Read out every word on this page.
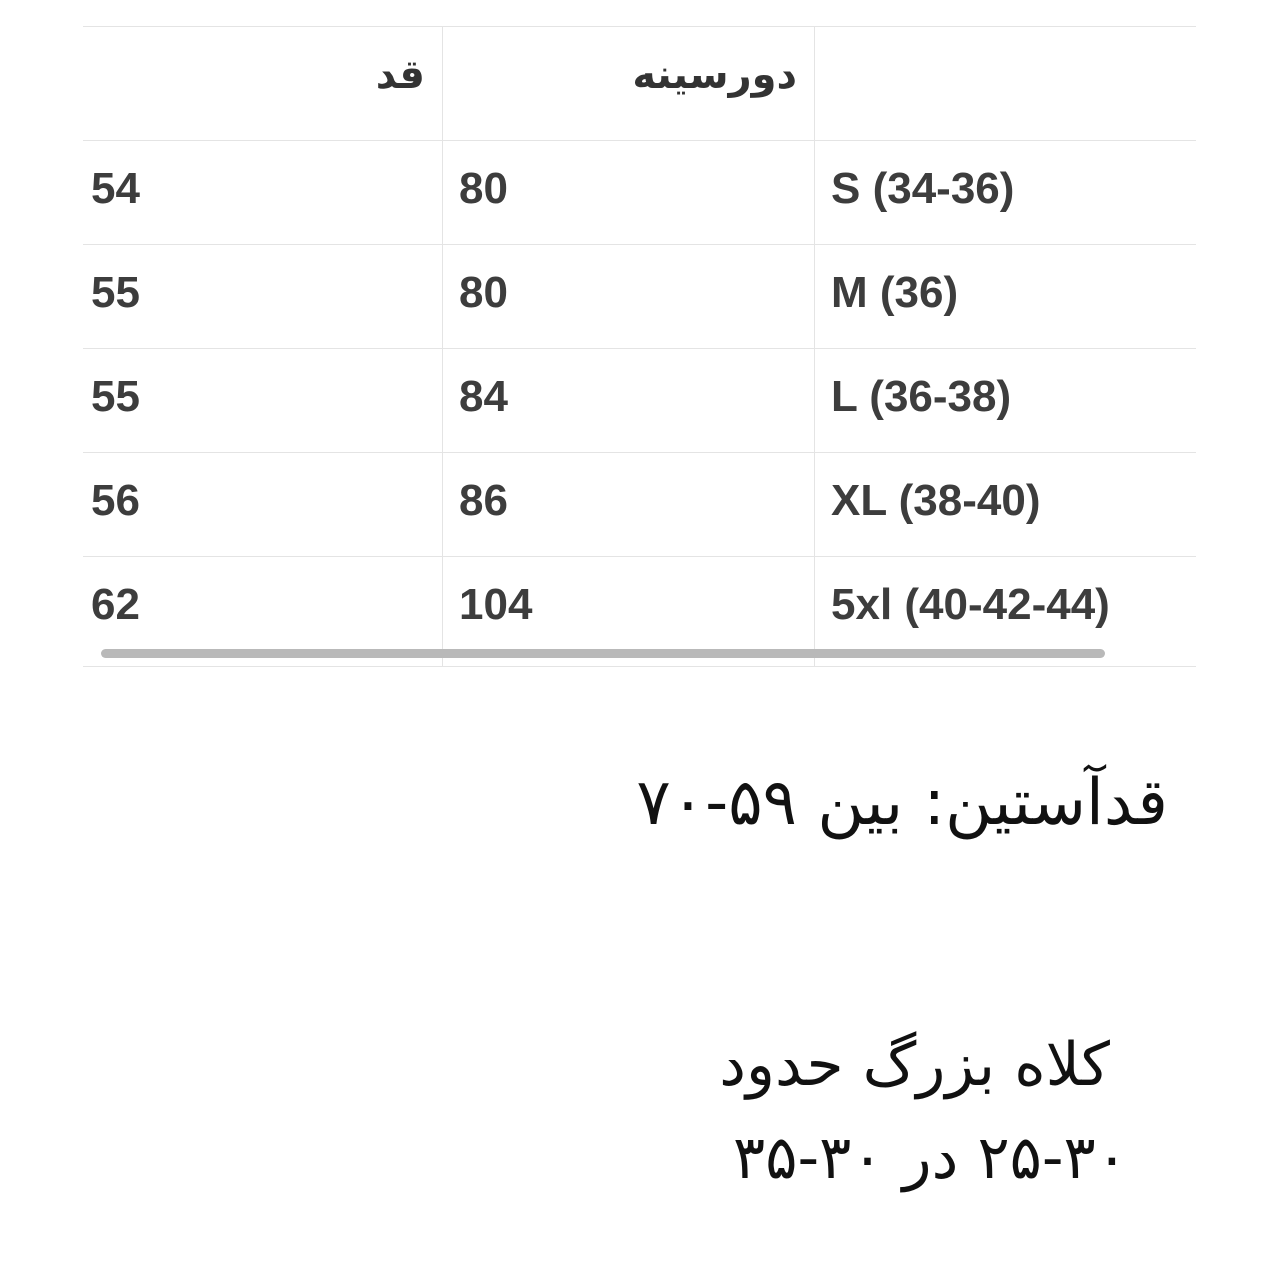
قد	دورسینه
54	80	S (34-36)
55	80	M (36)
55	84	L (36-38)
56	86	XL (38-40)
62	104	5xl (40-42-44)
قدآستین: بین ۵۹-۷۰
کلاه بزرگ حدود
۲۵-۳۰ در ۳۰-۳۵
